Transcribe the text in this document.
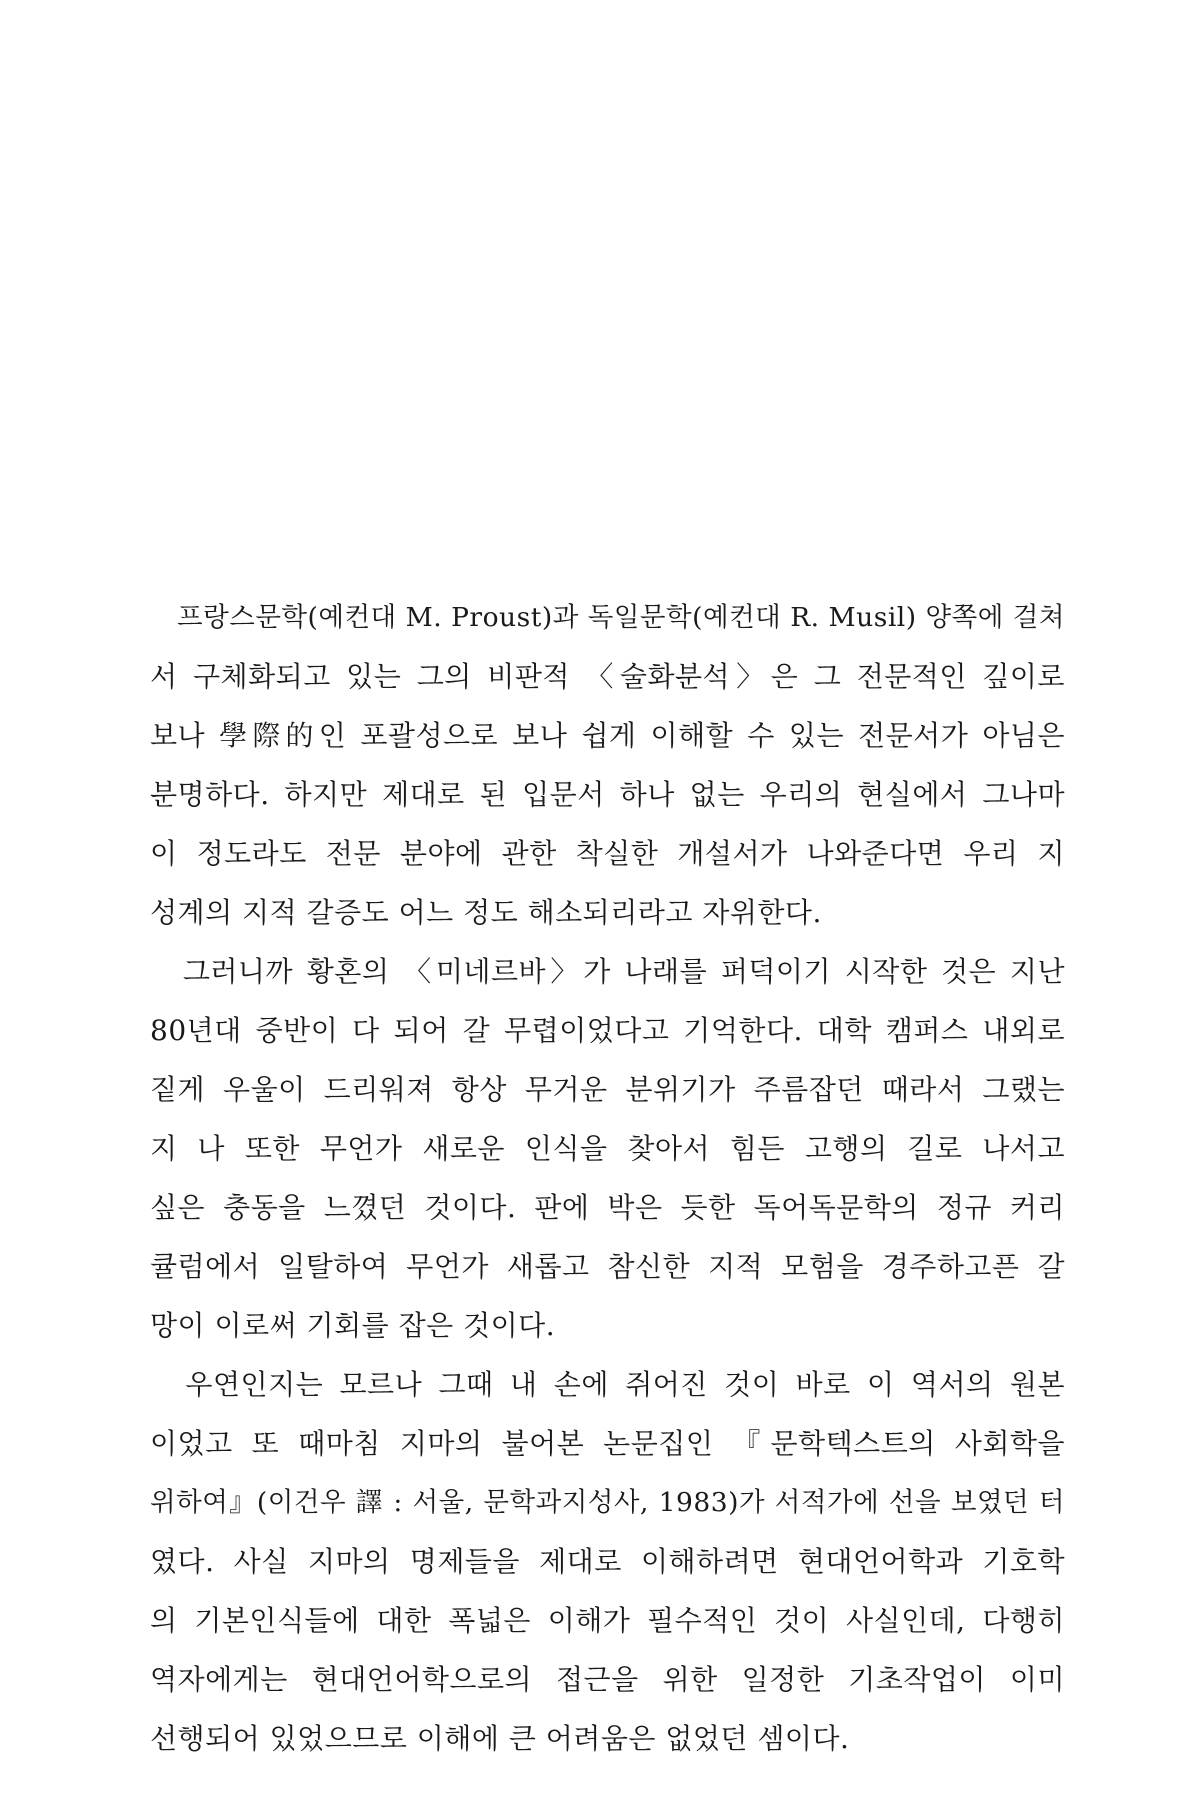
　프랑스문학(예컨대 M. Proust)과 독일문학(예컨대 R. Musil) 양쪽에 걸쳐
서 구체화되고 있는 그의 비판적 〈술화분석〉은 그 전문적인 깊이로
보나 學際的인 포괄성으로 보나 쉽게 이해할 수 있는 전문서가 아님은
분명하다. 하지만 제대로 된 입문서 하나 없는 우리의 현실에서 그나마
이 정도라도 전문 분야에 관한 착실한 개설서가 나와준다면 우리 지
성계의 지적 갈증도 어느 정도 해소되리라고 자위한다.

　그러니까 황혼의 〈미네르바〉가 나래를 퍼덕이기 시작한 것은 지난
80년대 중반이 다 되어 갈 무렵이었다고 기억한다. 대학 캠퍼스 내외로
짙게 우울이 드리워져 항상 무거운 분위기가 주름잡던 때라서 그랬는
지 나 또한 무언가 새로운 인식을 찾아서 힘든 고행의 길로 나서고
싶은 충동을 느꼈던 것이다. 판에 박은 듯한 독어독문학의 정규 커리
큘럼에서 일탈하여 무언가 새롭고 참신한 지적 모험을 경주하고픈 갈
망이 이로써 기회를 잡은 것이다.

　우연인지는 모르나 그때 내 손에 쥐어진 것이 바로 이 역서의 원본
이었고 또 때마침 지마의 불어본 논문집인 『문학텍스트의 사회학을
위하여』(이건우 譯 : 서울, 문학과지성사, 1983)가 서적가에 선을 보였던 터
였다. 사실 지마의 명제들을 제대로 이해하려면 현대언어학과 기호학
의 기본인식들에 대한 폭넓은 이해가 필수적인 것이 사실인데, 다행히
역자에게는 현대언어학으로의 접근을 위한 일정한 기초작업이 이미
선행되어 있었으므로 이해에 큰 어려움은 없었던 셈이다.
